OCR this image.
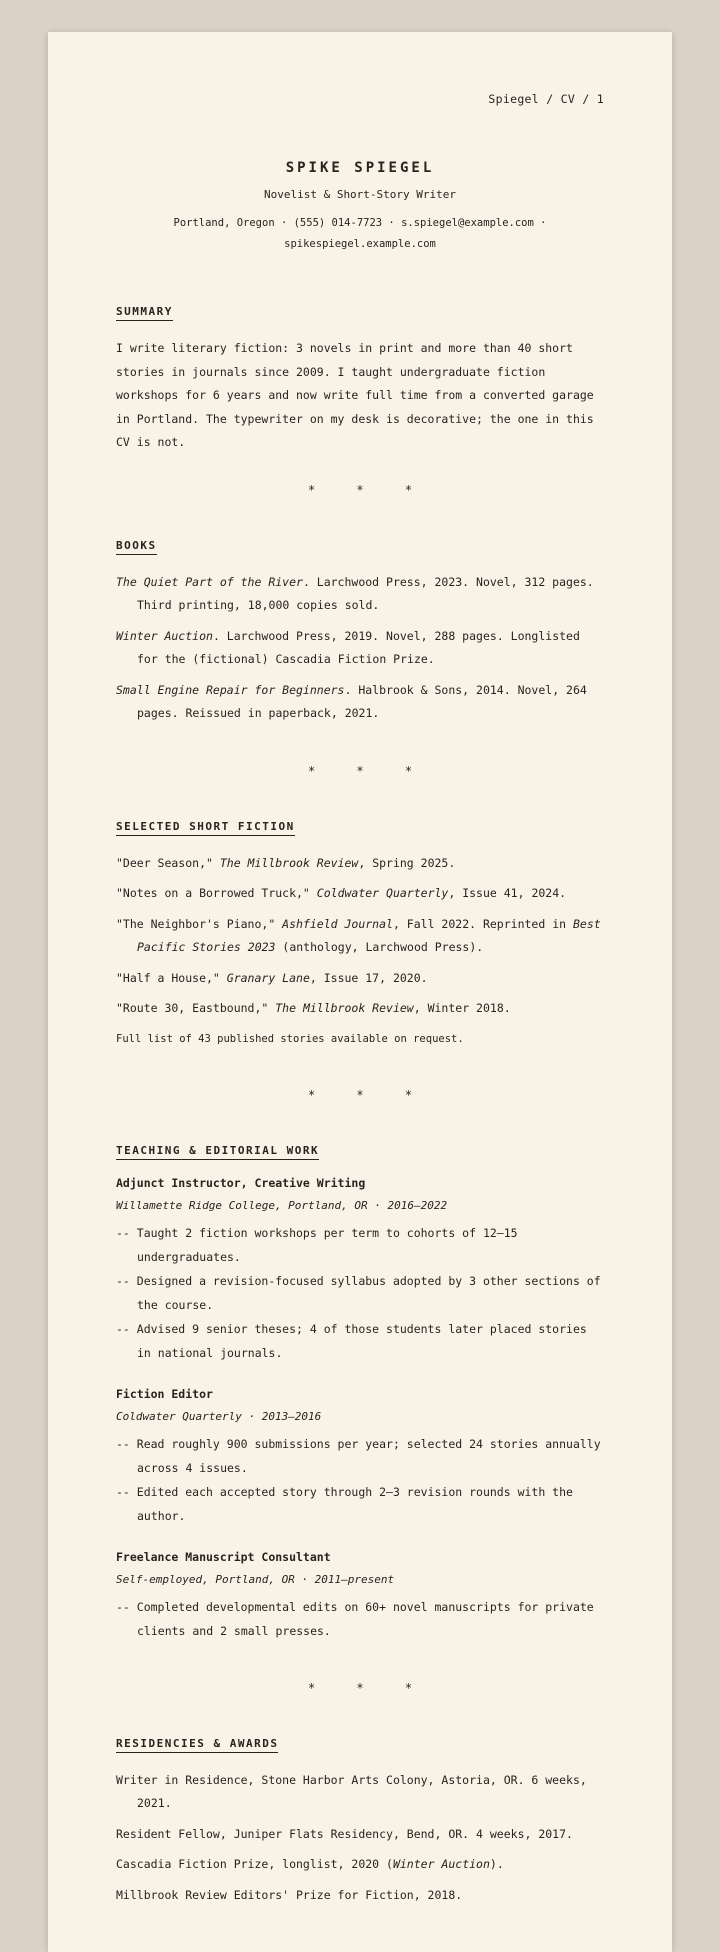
Spiegel / CV / 1

SPIKE SPIEGEL

Novelist & Short-Story Writer

Portland, Oregon · (555) 014-7723 · s.spiegel@example.com ·
spikespiegel.example.com

SUMMARY

I write literary fiction: 3 novels in print and more than 40 short stories in journals since 2009. I taught undergraduate fiction workshops for 6 years and now write full time from a converted garage in Portland. The typewriter on my desk is decorative; the one in this CV is not.

* * *

BOOKS

The Quiet Part of the River. Larchwood Press, 2023. Novel, 312 pages. Third printing, 18,000 copies sold.

Winter Auction. Larchwood Press, 2019. Novel, 288 pages. Longlisted for the (fictional) Cascadia Fiction Prize.

Small Engine Repair for Beginners. Halbrook & Sons, 2014. Novel, 264 pages. Reissued in paperback, 2021.

* * *

SELECTED SHORT FICTION

"Deer Season," The Millbrook Review, Spring 2025.

"Notes on a Borrowed Truck," Coldwater Quarterly, Issue 41, 2024.

"The Neighbor's Piano," Ashfield Journal, Fall 2022. Reprinted in Best Pacific Stories 2023 (anthology, Larchwood Press).

"Half a House," Granary Lane, Issue 17, 2020.

"Route 30, Eastbound," The Millbrook Review, Winter 2018.

Full list of 43 published stories available on request.

* * *

TEACHING & EDITORIAL WORK

Adjunct Instructor, Creative Writing

Willamette Ridge College, Portland, OR · 2016–2022

-- Taught 2 fiction workshops per term to cohorts of 12–15 undergraduates.

-- Designed a revision-focused syllabus adopted by 3 other sections of the course.

-- Advised 9 senior theses; 4 of those students later placed stories in national journals.

Fiction Editor

Coldwater Quarterly · 2013–2016

-- Read roughly 900 submissions per year; selected 24 stories annually across 4 issues.

-- Edited each accepted story through 2–3 revision rounds with the author.

Freelance Manuscript Consultant

Self-employed, Portland, OR · 2011–present

-- Completed developmental edits on 60+ novel manuscripts for private clients and 2 small presses.

* * *

RESIDENCIES & AWARDS

Writer in Residence, Stone Harbor Arts Colony, Astoria, OR. 6 weeks, 2021.

Resident Fellow, Juniper Flats Residency, Bend, OR. 4 weeks, 2017.

Cascadia Fiction Prize, longlist, 2020 (Winter Auction).

Millbrook Review Editors' Prize for Fiction, 2018.
